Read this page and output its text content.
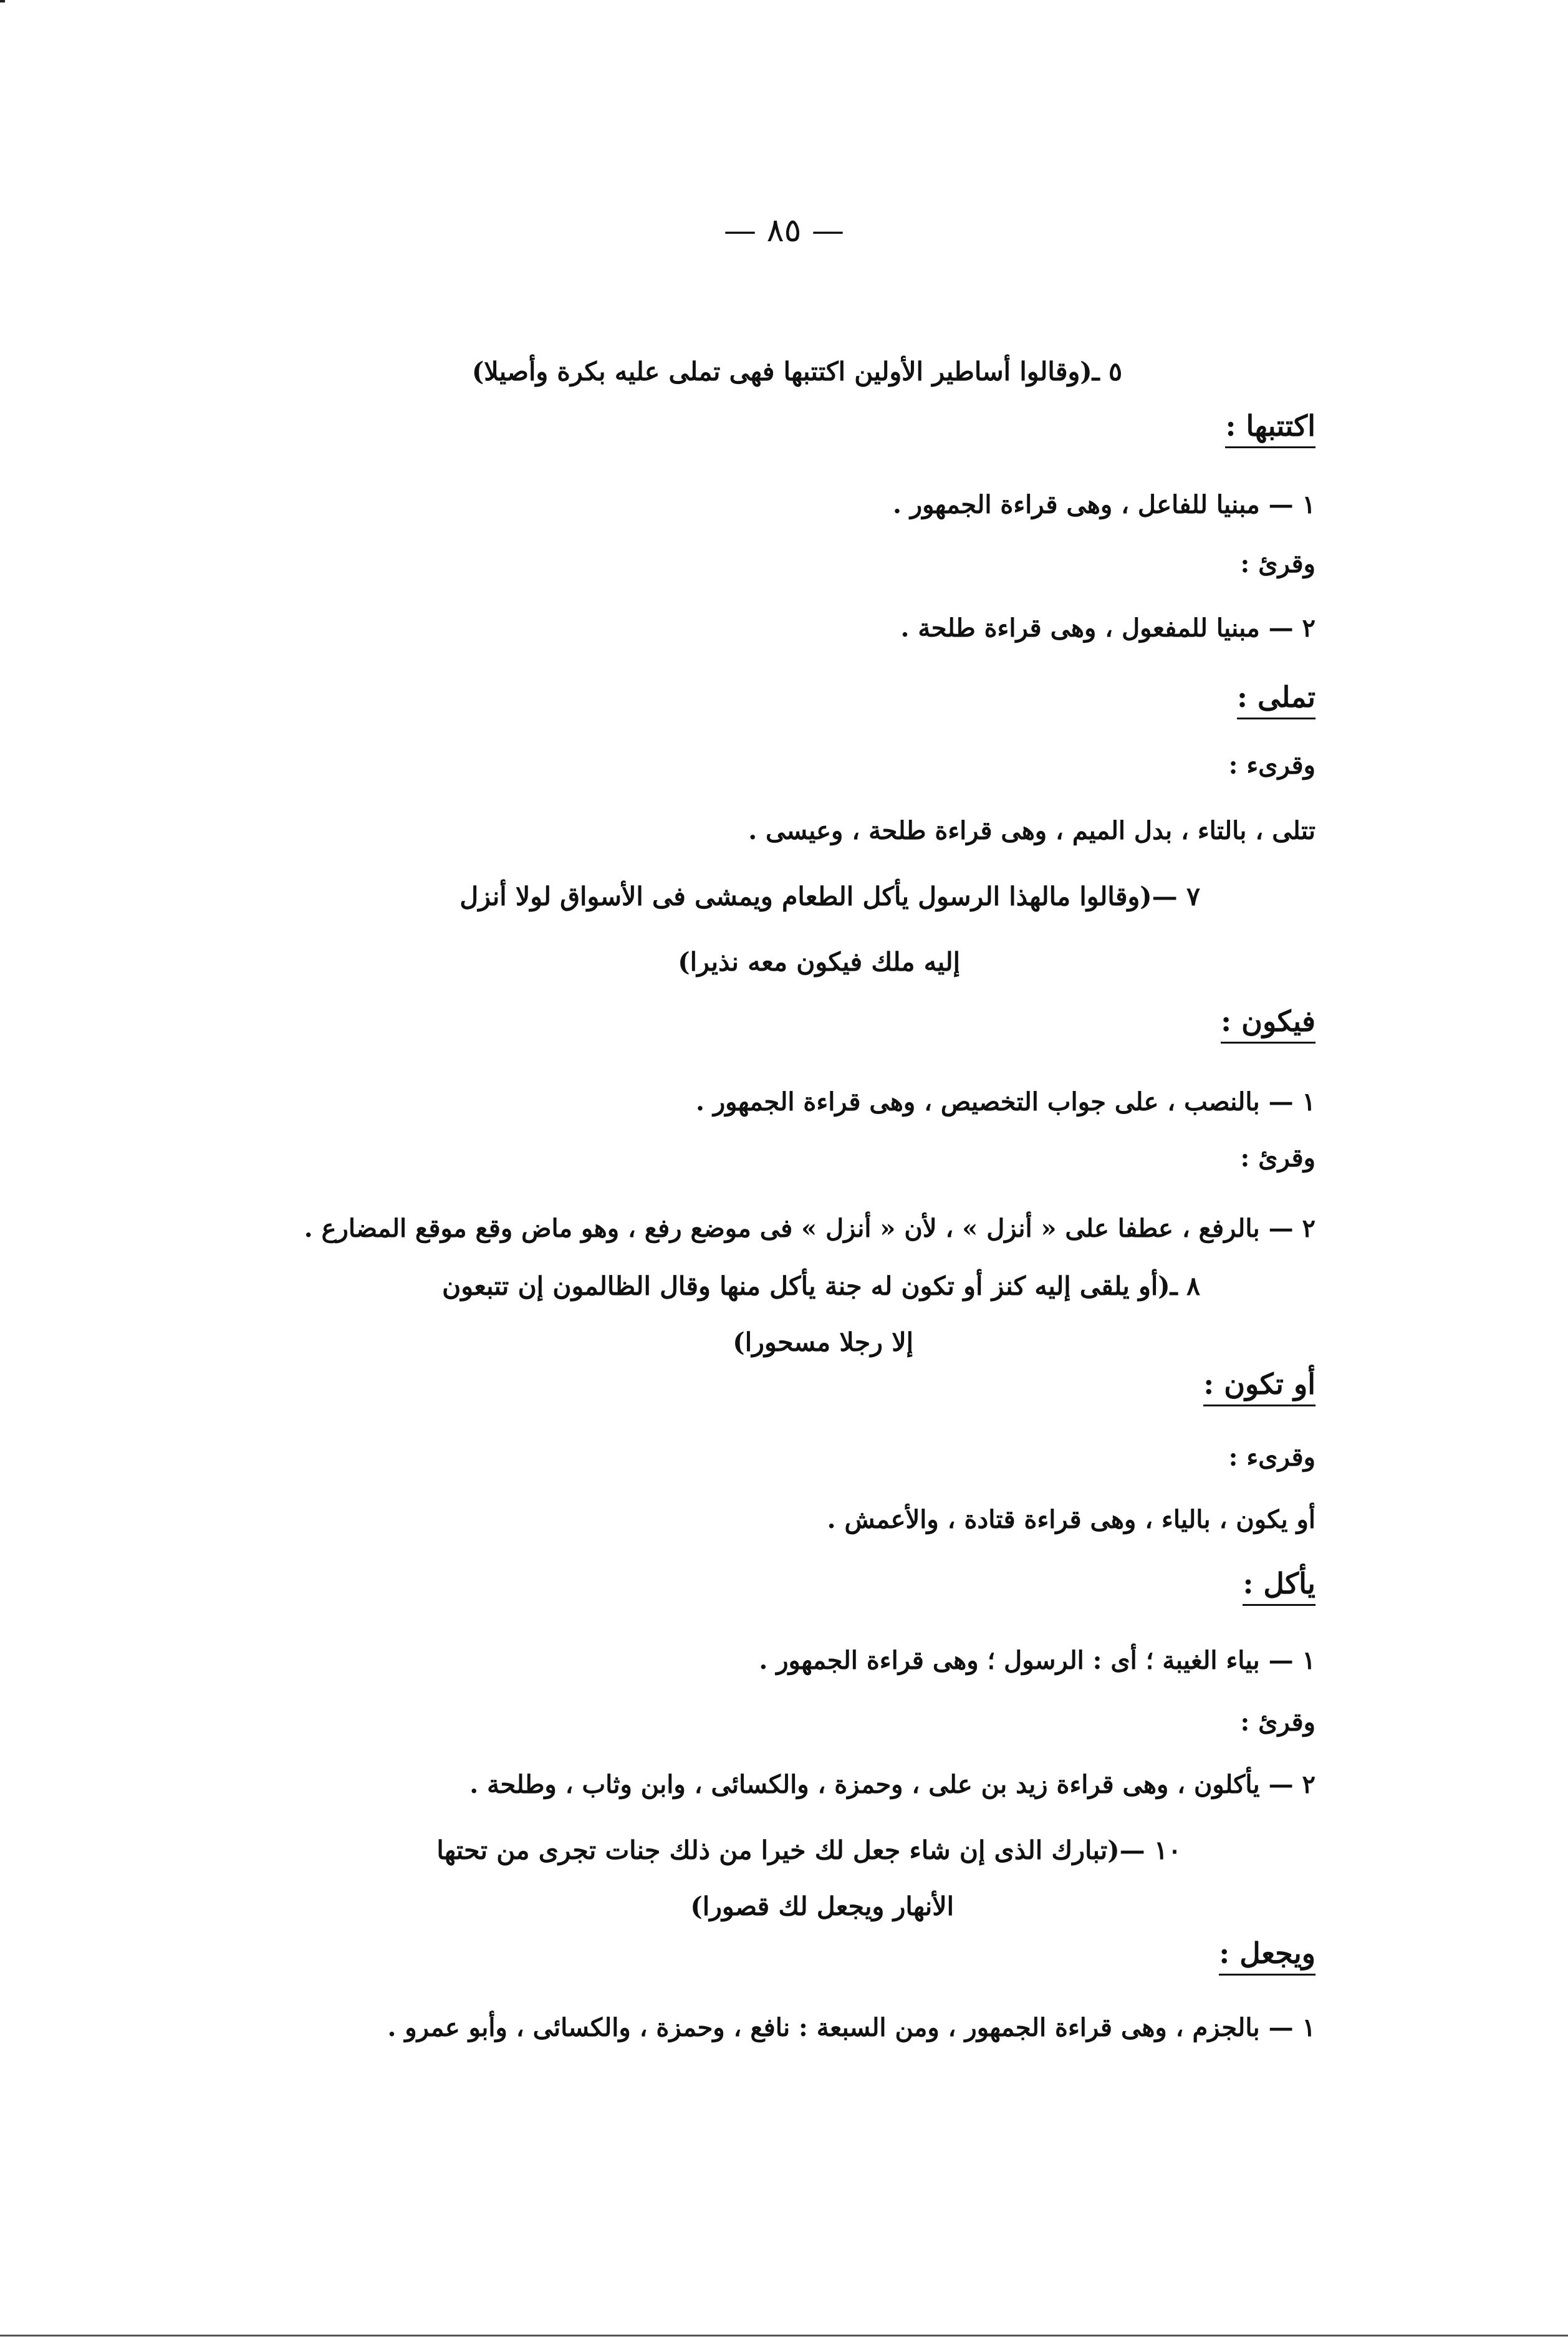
— ٨٥ —
٥ ـ(وقالوا أساطير الأولين اكتتبها فهى تملى عليه بكرة وأصيلا)
اكتتبها :
١ — مبنيا للفاعل ، وهى قراءة الجمهور .
وقرئ :
٢ — مبنيا للمفعول ، وهى قراءة طلحة .
تملى :
وقرىء :
تتلى ، بالتاء ، بدل الميم ، وهى قراءة طلحة ، وعيسى .
٧ —(وقالوا مالهذا الرسول يأكل الطعام ويمشى فى الأسواق لولا أنزل
إليه ملك فيكون معه نذيرا)
فيكون :
١ — بالنصب ، على جواب التخصيص ، وهى قراءة الجمهور .
وقرئ :
٢ — بالرفع ، عطفا على « أنزل » ، لأن « أنزل » فى موضع رفع ، وهو ماض وقع موقع المضارع .
٨ ـ(أو يلقى إليه كنز أو تكون له جنة يأكل منها وقال الظالمون إن تتبعون
إلا رجلا مسحورا)
أو تكون :
وقرىء :
أو يكون ، بالياء ، وهى قراءة قتادة ، والأعمش .
يأكل :
١ — بياء الغيبة ؛ أى : الرسول ؛ وهى قراءة الجمهور .
وقرئ :
٢ — يأكلون ، وهى قراءة زيد بن على ، وحمزة ، والكسائى ، وابن وثاب ، وطلحة .
١٠ —(تبارك الذى إن شاء جعل لك خيرا من ذلك جنات تجرى من تحتها
الأنهار ويجعل لك قصورا)
ويجعل :
١ — بالجزم ، وهى قراءة الجمهور ، ومن السبعة : نافع ، وحمزة ، والكسائى ، وأبو عمرو .
